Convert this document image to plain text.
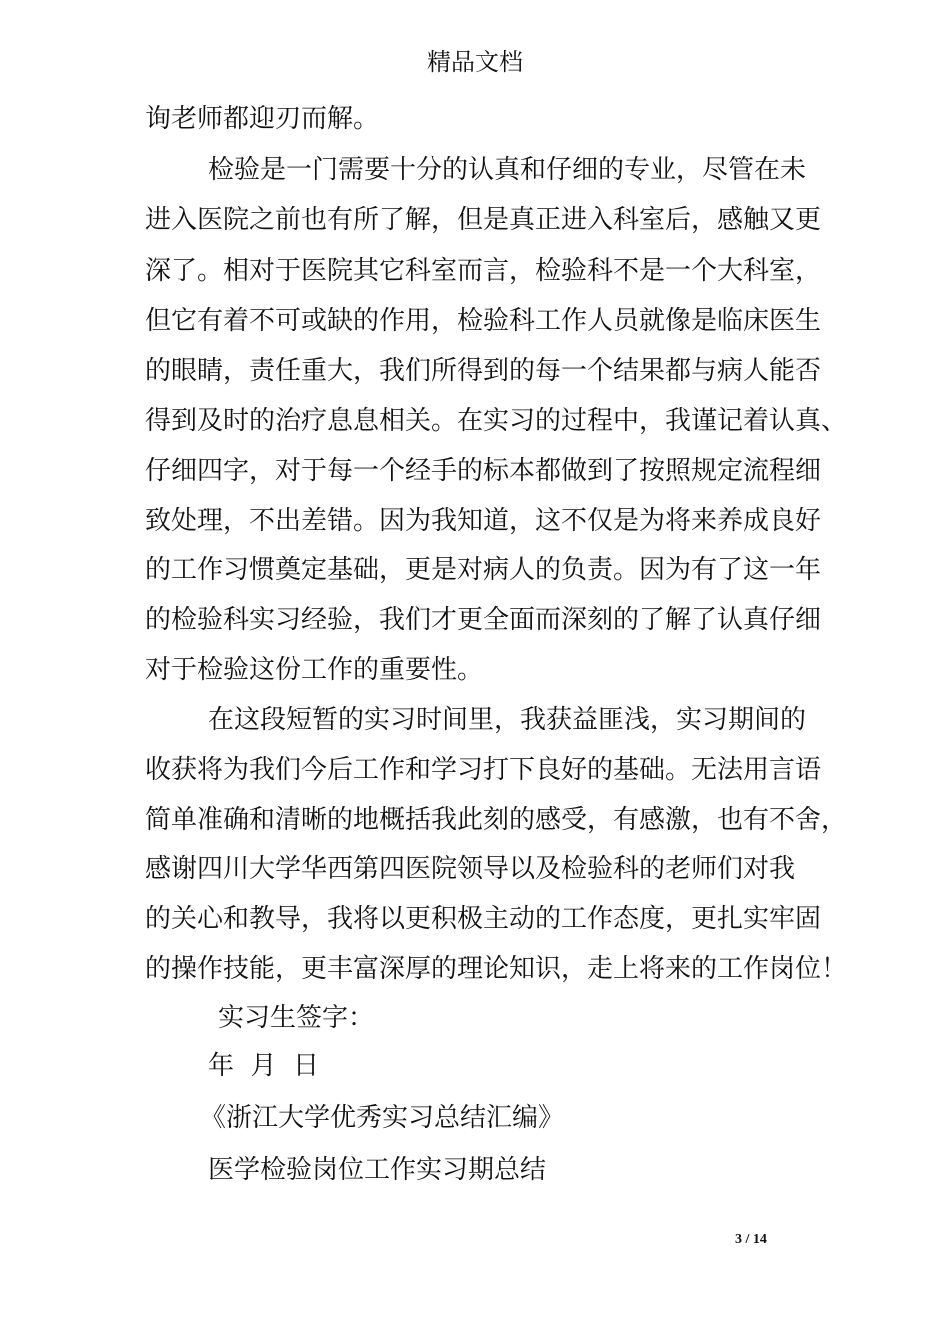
精品文档
询老师都迎刃而解。
检验是一门需要十分的认真和仔细的专业，尽管在未
进入医院之前也有所了解，但是真正进入科室后，感触又更
深了。相对于医院其它科室而言，检验科不是一个大科室，
但它有着不可或缺的作用，检验科工作人员就像是临床医生
的眼睛，责任重大，我们所得到的每一个结果都与病人能否
得到及时的治疗息息相关。在实习的过程中，我谨记着认真、
仔细四字，对于每一个经手的标本都做到了按照规定流程细
致处理，不出差错。因为我知道，这不仅是为将来养成良好
的工作习惯奠定基础，更是对病人的负责。因为有了这一年
的检验科实习经验，我们才更全面而深刻的了解了认真仔细
对于检验这份工作的重要性。
在这段短暂的实习时间里，我获益匪浅，实习期间的
收获将为我们今后工作和学习打下良好的基础。无法用言语
简单准确和清晰的地概括我此刻的感受，有感激，也有不舍，
感谢四川大学华西第四医院领导以及检验科的老师们对我
的关心和教导，我将以更积极主动的工作态度，更扎实牢固
的操作技能，更丰富深厚的理论知识，走上将来的工作岗位！
实习生签字：
年  月  日
《浙江大学优秀实习总结汇编》
医学检验岗位工作实习期总结
3 / 14
